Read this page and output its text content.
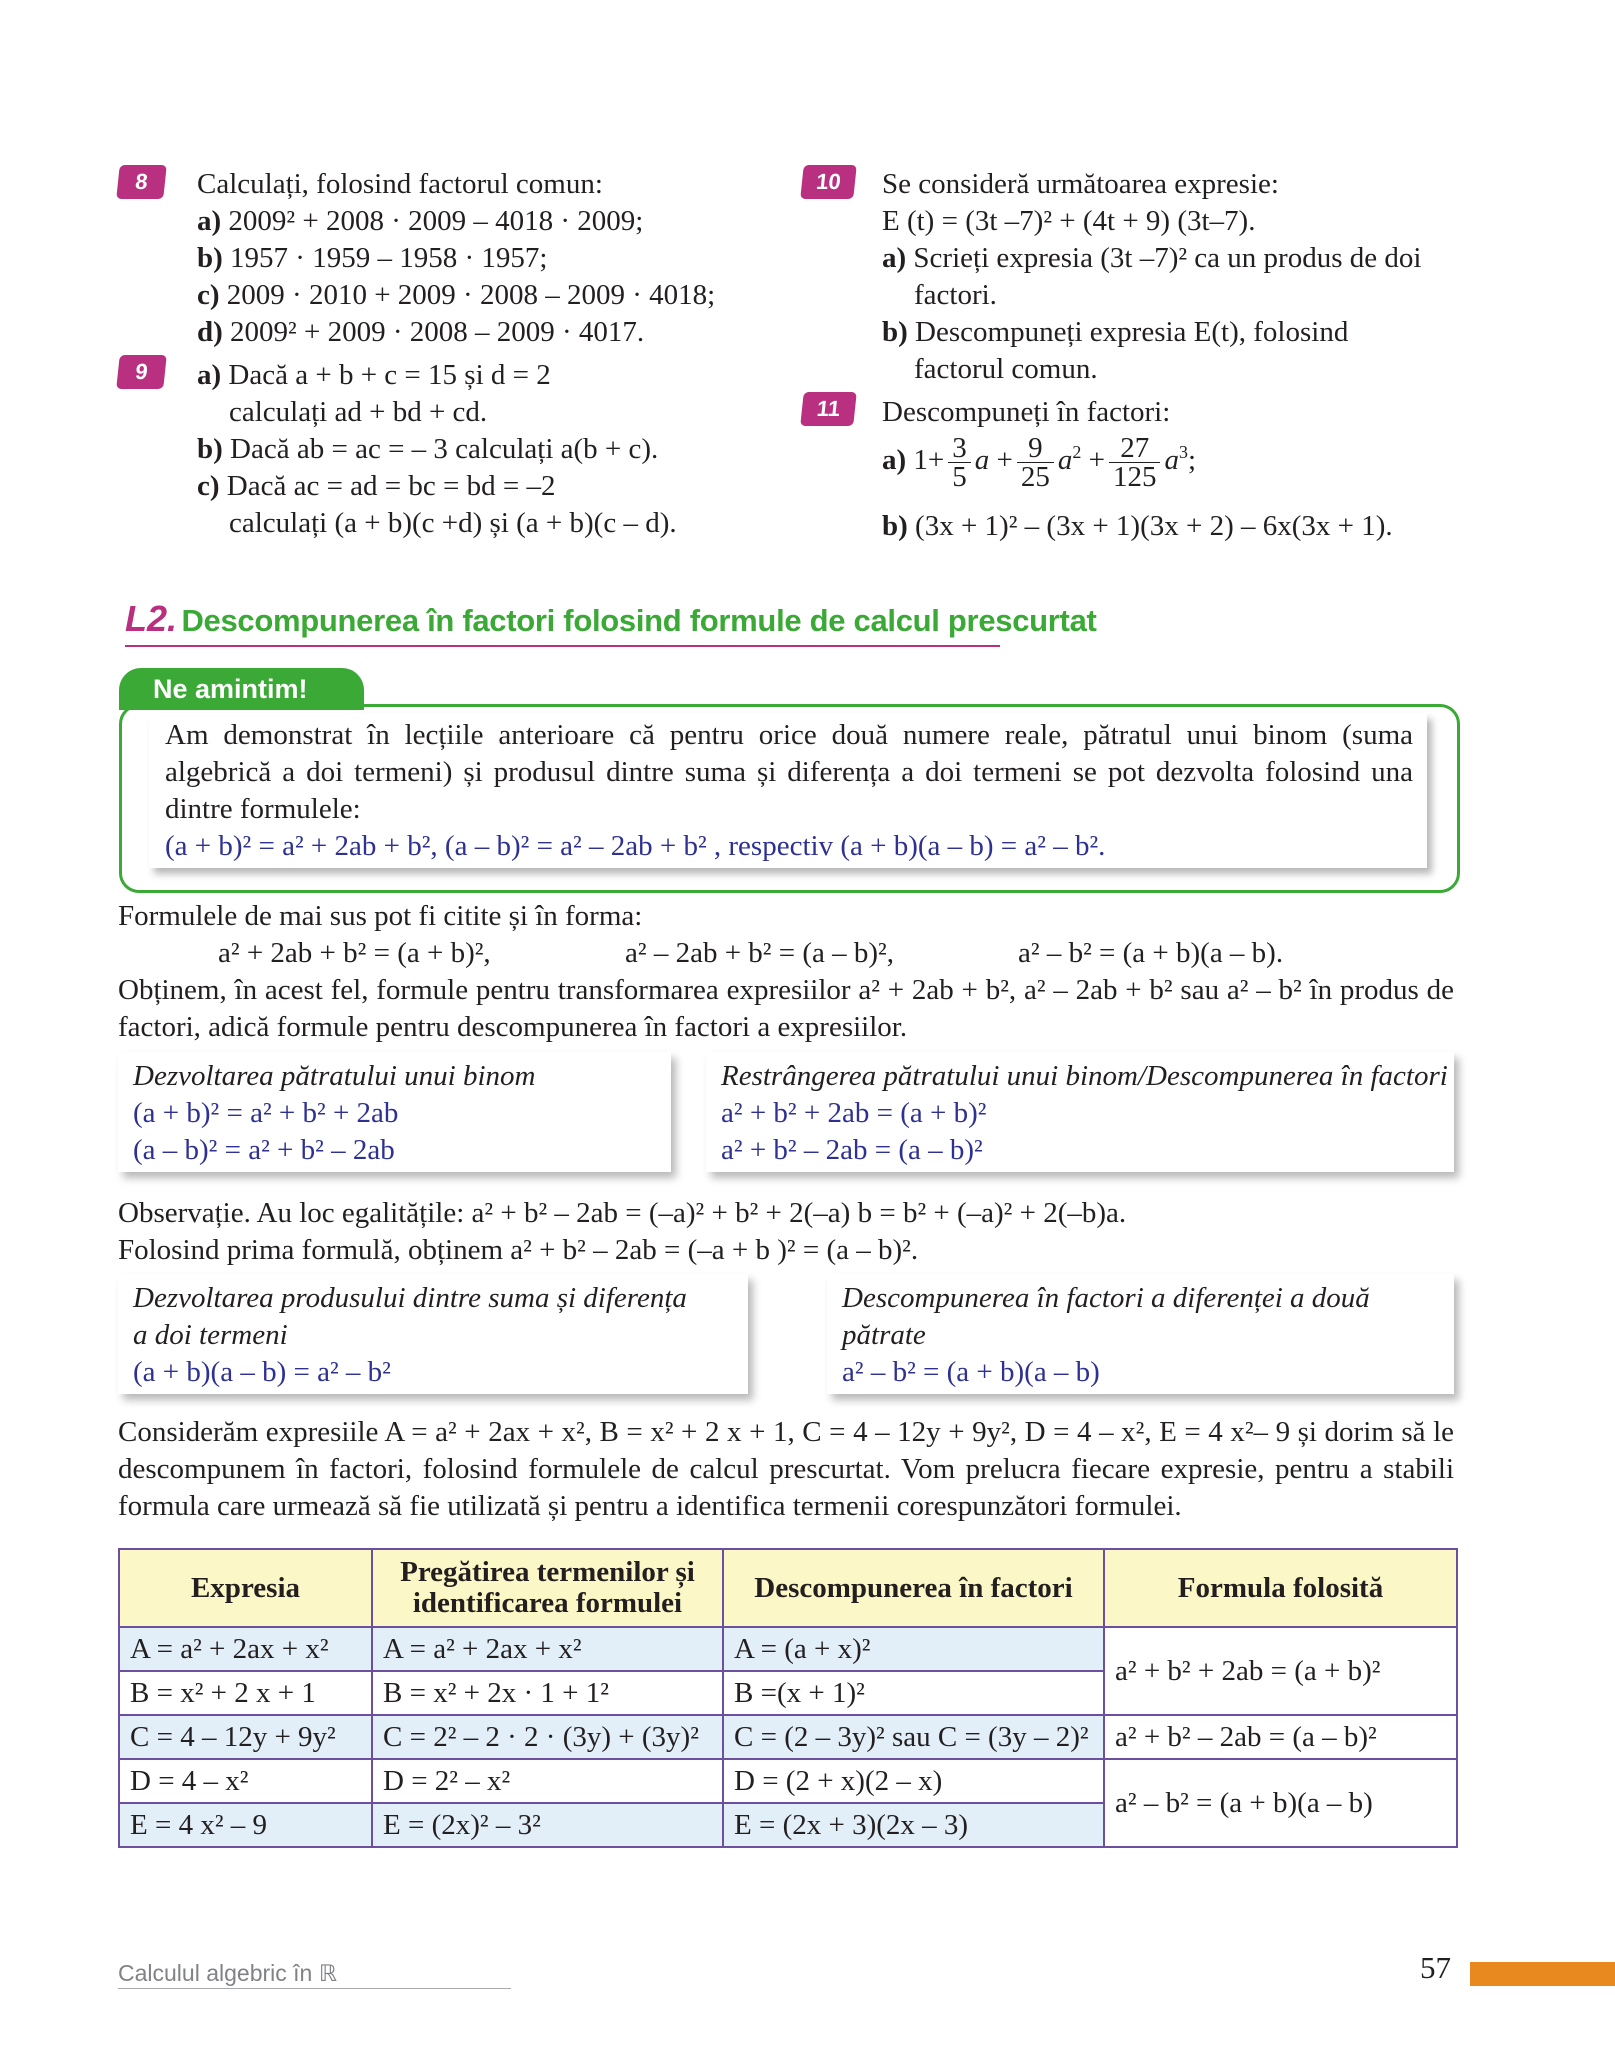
8	Calculați, folosind factorul comun:
a) 2009² + 2008 · 2009 – 4018 · 2009;
b) 1957 · 1959 – 1958 · 1957;
c) 2009 · 2010 + 2009 · 2008 – 2009 · 4018;
d) 2009² + 2009 · 2008 – 2009 · 4017.
9	a) Dacă a + b + c = 15 și d = 2
calculați ad + bd + cd.
b) Dacă ab = ac = – 3 calculați a(b + c).
c) Dacă ac = ad = bc = bd = –2
calculați (a + b)(c +d) și (a + b)(c – d).
10	Se consideră următoarea expresie:
E (t) = (3t –7)² + (4t + 9) (3t–7).
a) Scrieți expresia (3t –7)² ca un produs de doi
factori.
b) Descompuneți expresia E(t), folosind
factorul comun.
11	Descompuneți în factori:
a) $1+ \frac{3}{5}$ $a + \frac{9}{25} a^2 + \frac{27}{125} a^3$;
b) (3x + 1)² – (3x + 1)(3x + 2) – 6x(3x + 1).
L2. Descompunerea în factori folosind formule de calcul prescurtat
Ne amintim!
Am demonstrat în lecțiile anterioare că pentru orice două numere reale, pătratul unui binom (suma algebrică a doi termeni) și produsul dintre suma și diferența a doi termeni se pot dezvolta folosind una dintre formulele:
(a + b)² = a² + 2ab + b², (a – b)² = a² – 2ab + b² , respectiv (a + b)(a – b) = a² – b².
Formulele de mai sus pot fi citite și în forma:
a² + 2ab + b² = (a + b)²,	a² – 2ab + b² = (a – b)²,	a² – b² = (a + b)(a – b).
Obținem, în acest fel, formule pentru transformarea expresiilor a² + 2ab + b², a² – 2ab + b² sau a² – b² în produs de factori, adică formule pentru descompunerea în factori a expresiilor.
Dezvoltarea pătratului unui binom
(a + b)² = a² + b² + 2ab
(a – b)² = a² + b² – 2ab
Restrângerea pătratului unui binom/Descompunerea în factori
a² + b² + 2ab = (a + b)²
a² + b² – 2ab = (a – b)²
Observație. Au loc egalitățile: a² + b² – 2ab = (–a)² + b² + 2(–a) b = b² + (–a)² + 2(–b)a.
Folosind prima formulă, obținem a² + b² – 2ab = (–a + b )² = (a – b)².
Dezvoltarea produsului dintre suma și diferența
a doi termeni
(a + b)(a – b) = a² – b²
Descompunerea în factori a diferenței a două
pătrate
a² – b² = (a + b)(a – b)
Considerăm expresiile A = a² + 2ax + x², B = x² + 2 x + 1, C = 4 – 12y + 9y², D = 4 – x², E = 4 x²– 9 și dorim să le descompunem în factori, folosind formulele de calcul prescurtat. Vom prelucra fiecare expresie, pentru a stabili formula care urmează să fie utilizată și pentru a identifica termenii corespunzători formulei.
Expresia	Pregătirea termenilor și identificarea formulei	Descompunerea în factori	Formula folosită
A = a² + 2ax + x²	A = a² + 2ax + x²	A = (a + x)²	a² + b² + 2ab = (a + b)²
B = x² + 2 x + 1	B = x² + 2x · 1 + 1²	B =(x + 1)²	
C = 4 – 12y + 9y²	C = 2² – 2 · 2 · (3y) + (3y)²	C = (2 – 3y)² sau C = (3y – 2)²	a² + b² – 2ab = (a – b)²
D = 4 – x²	D = 2² – x²	D = (2 + x)(2 – x)	a² – b² = (a + b)(a – b)
E = 4 x² – 9	E = (2x)² – 3²	E = (2x + 3)(2x – 3)	
Calculul algebric în ℝ	57
